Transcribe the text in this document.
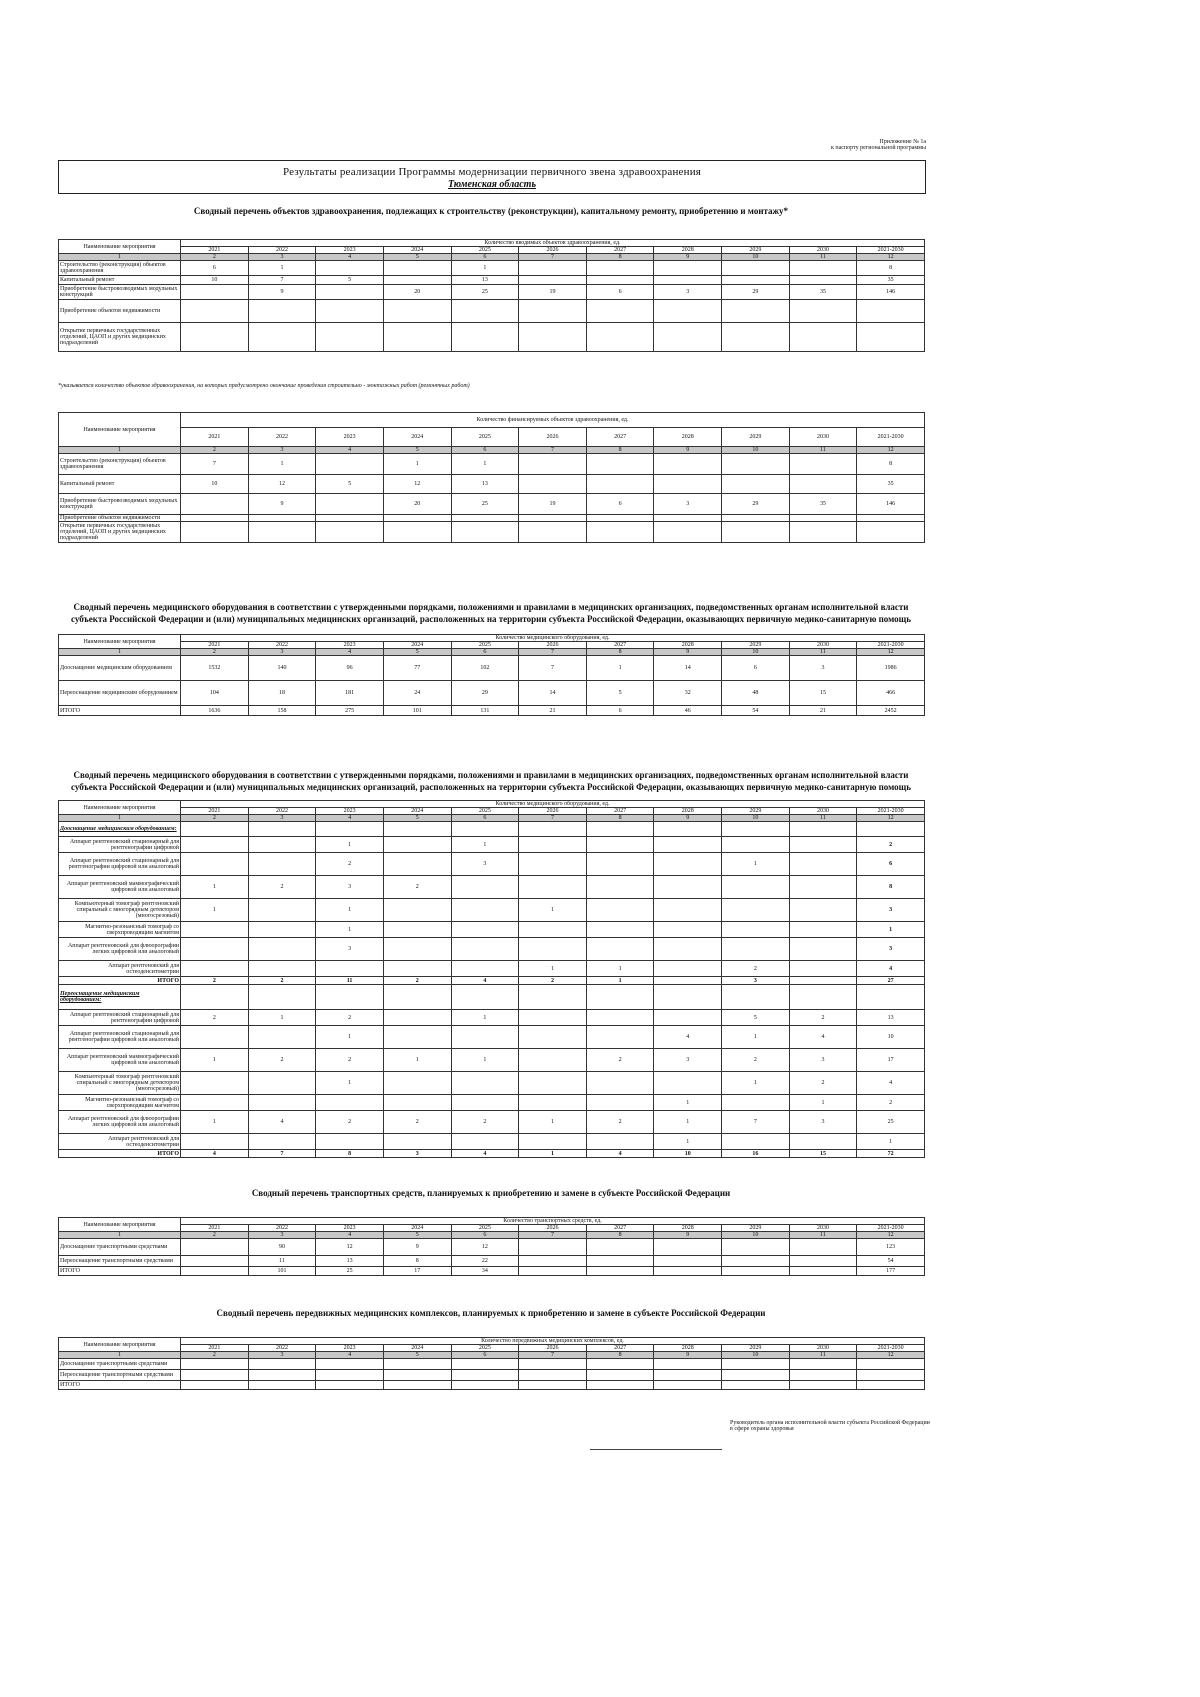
Приложение № 1а
к паспорту региональной программы
Результаты реализации Программы модернизации первичного звена здравоохранения
Тюменская область
Сводный перечень объектов здравоохранения, подлежащих к строительству (реконструкции), капитальному ремонту, приобретению и монтажу*
Наименование мероприятия	Количество вводимых объектов здравоохранения, ед.										
	2021	2022	2023	2024	2025	2026	2027	2028	2029	2030	2021-2030
1	2	3	4	5	6	7	8	9	10	11	12
Строительство (реконструкция) объектов здравоохранения	6	1			1						8
Капитальный ремонт	10	7	5		13						35
Приобретение быстровозводимых модульных конструкций		9		20	25	19	6	3	29	35	146
Приобретение объектов недвижимости											
Открытие первичных государственных отделений, ЦАОП и других медицинских подразделений											
*указывается количество объектов здравоохранения, на которых предусмотрено окончание проведения строительно - монтажных работ (ремонтных работ)
Наименование мероприятия	Количество финансируемых объектов здравоохранения, ед.										
	2021	2022	2023	2024	2025	2026	2027	2028	2029	2030	2021-2030
1	2	3	4	5	6	7	8	9	10	11	12
Строительство (реконструкция) объектов здравоохранения	7	1		1	1						8
Капитальный ремонт	10	12	5	12	13						35
Приобретение быстровозводимых модульных конструкций		9		20	25	19	6	3	29	35	146
Приобретение объектов недвижимости											
Открытие первичных государственных отделений, ЦАОП и других медицинских подразделений											
Сводный перечень медицинского оборудования в соответствии с утвержденными порядками, положениями и правилами в медицинских организациях, подведомственных органам исполнительной власти субъекта Российской Федерации и (или) муниципальных медицинских организаций, расположенных на территории субъекта Российской Федерации, оказывающих первичную медико-санитарную помощь
Наименование мероприятия	Количество медицинского оборудования, ед.										
	2021	2022	2023	2024	2025	2026	2027	2028	2029	2030	2021-2030
1	2	3	4	5	6	7	8	9	10	11	12
Дооснащение медицинским оборудованием	1532	140	96	77	102	7	1	14	6	3	1986
Переоснащение медицинским оборудованием	104	18	181	24	29	14	5	32	48	15	466
ИТОГО	1636	158	275	101	131	21	6	46	54	21	2452
Сводный перечень медицинского оборудования в соответствии с утвержденными порядками, положениями и правилами в медицинских организациях, подведомственных органам исполнительной власти субъекта Российской Федерации и (или) муниципальных медицинских организаций, расположенных на территории субъекта Российской Федерации, оказывающих первичную медико-санитарную помощь
Наименование мероприятия	Количество медицинского оборудования, ед.										
	2021	2022	2023	2024	2025	2026	2027	2028	2029	2030	2021-2030
1	2	3	4	5	6	7	8	9	10	11	12
Дооснащение медицинским оборудованием:											
Аппарат рентгеновский стационарный для рентгенографии цифровой			1		1						2
Аппарат рентгеновский стационарный для рентгенографии цифровой или аналоговый			2		3				1		6
Аппарат рентгеновский маммографический цифровой или аналоговый	1	2	3	2							8
Компьютерный томограф рентгеновский спиральный с многорядным детектором (многосрезовый)	1		1			1					3
Магнитно-резонансный томограф со сверхпроводящим магнитом			1								1
Аппарат рентгеновский для флюорографии легких цифровой или аналоговый			3								3
Аппарат рентгеновский для остеоденситометрии						1	1		2		4
ИТОГО	2	2	11	2	4	2	1		3		27
Переоснащение медицинским оборудованием:											
Аппарат рентгеновский стационарный для рентгенографии цифровой	2	1	2		1				5	2	13
Аппарат рентгеновский стационарный для рентгенографии цифровой или аналоговый			1					4	1	4	10
Аппарат рентгеновский маммографический цифровой или аналоговый	1	2	2	1	1		2	3	2	3	17
Компьютерный томограф рентгеновский спиральный с многорядным детектором (многосрезовый)			1						1	2	4
Магнитно-резонансный томограф со сверхпроводящим магнитом								1		1	2
Аппарат рентгеновский для флюорографии легких цифровой или аналоговый	1	4	2	2	2	1	2	1	7	3	25
Аппарат рентгеновский для остеоденситометрии								1			1
ИТОГО	4	7	8	3	4	1	4	10	16	15	72
Сводный перечень транспортных средств, планируемых к приобретению и замене в субъекте Российской Федерации
Наименование мероприятия	Количество транспортных средств, ед.										
	2021	2022	2023	2024	2025	2026	2027	2028	2029	2030	2021-2030
1	2	3	4	5	6	7	8	9	10	11	12
Дооснащение транспортными средствами		90	12	9	12						123
Переоснащение транспортными средствами		11	13	8	22						54
ИТОГО		101	25	17	34						177
Сводный перечень передвижных медицинских комплексов, планируемых к приобретению и замене в субъекте Российской Федерации
Наименование мероприятия	Количество передвижных медицинских комплексов, ед.										
	2021	2022	2023	2024	2025	2026	2027	2028	2029	2030	2021-2030
1	2	3	4	5	6	7	8	9	10	11	12
Дооснащение транспортными средствами											
Переоснащение транспортными средствами											
ИТОГО											
Руководитель органа исполнительной власти субъекта Российской Федерации в сфере охраны здоровья
